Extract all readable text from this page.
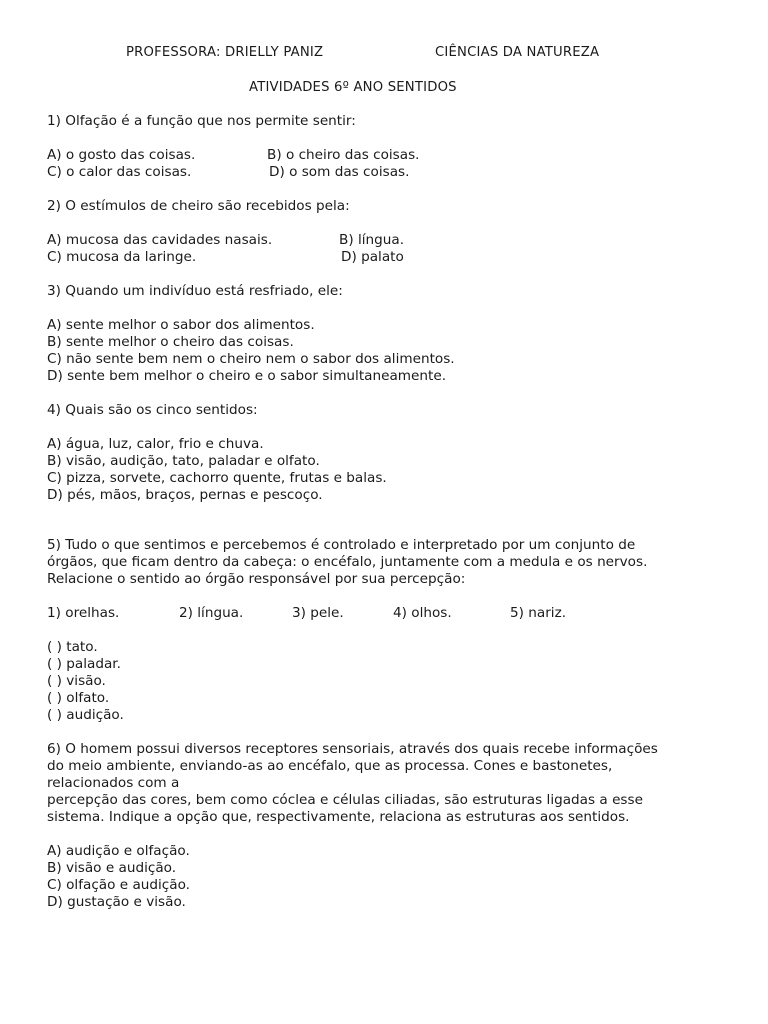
PROFESSORA: DRIELLY PANIZ	CIÊNCIAS DA NATUREZA
ATIVIDADES 6º ANO SENTIDOS
1) Olfação é a função que nos permite sentir:
A) o gosto das coisas.	B) o cheiro das coisas.
C) o calor das coisas.	D) o som das coisas.
2) O estímulos de cheiro são recebidos pela:
A) mucosa das cavidades nasais.	B) língua.
C) mucosa da laringe.	D) palato
3) Quando um indivíduo está resfriado, ele:
A) sente melhor o sabor dos alimentos.
B) sente melhor o cheiro das coisas.
C) não sente bem nem o cheiro nem o sabor dos alimentos.
D) sente bem melhor o cheiro e o sabor simultaneamente.
4) Quais são os cinco sentidos:
A) água, luz, calor, frio e chuva.
B) visão, audição, tato, paladar e olfato.
C) pizza, sorvete, cachorro quente, frutas e balas.
D) pés, mãos, braços, pernas e pescoço.
5) Tudo o que sentimos e percebemos é controlado e interpretado por um conjunto de
órgãos, que ficam dentro da cabeça: o encéfalo, juntamente com a medula e os nervos.
Relacione o sentido ao órgão responsável por sua percepção:
1) orelhas.	2) língua.	3) pele.	4) olhos.	5) nariz.
( ) tato.
( ) paladar.
( ) visão.
( ) olfato.
( ) audição.
6) O homem possui diversos receptores sensoriais, através dos quais recebe informações
do meio ambiente, enviando-as ao encéfalo, que as processa. Cones e bastonetes,
relacionados com a
percepção das cores, bem como cóclea e células ciliadas, são estruturas ligadas a esse
sistema. Indique a opção que, respectivamente, relaciona as estruturas aos sentidos.
A) audição e olfação.
B) visão e audição.
C) olfação e audição.
D) gustação e visão.
